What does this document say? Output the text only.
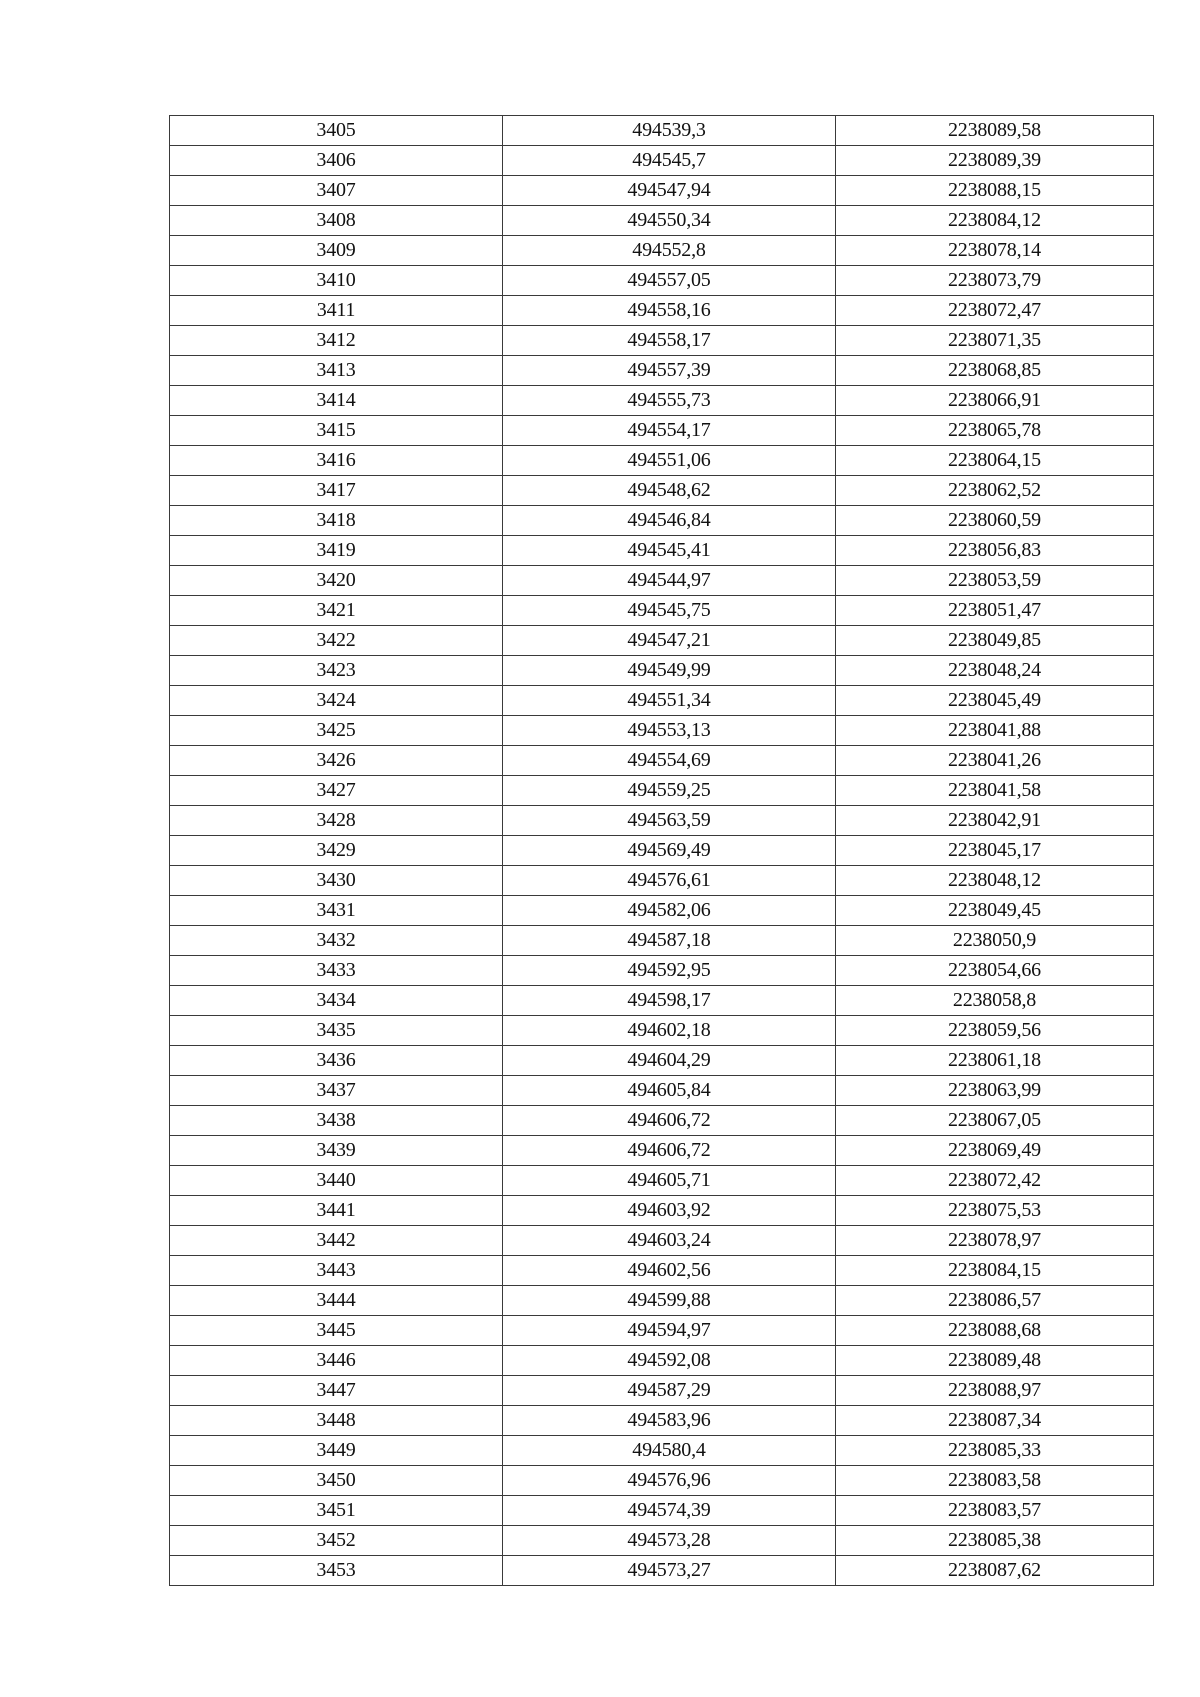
3405	494539,3	2238089,58
3406	494545,7	2238089,39
3407	494547,94	2238088,15
3408	494550,34	2238084,12
3409	494552,8	2238078,14
3410	494557,05	2238073,79
3411	494558,16	2238072,47
3412	494558,17	2238071,35
3413	494557,39	2238068,85
3414	494555,73	2238066,91
3415	494554,17	2238065,78
3416	494551,06	2238064,15
3417	494548,62	2238062,52
3418	494546,84	2238060,59
3419	494545,41	2238056,83
3420	494544,97	2238053,59
3421	494545,75	2238051,47
3422	494547,21	2238049,85
3423	494549,99	2238048,24
3424	494551,34	2238045,49
3425	494553,13	2238041,88
3426	494554,69	2238041,26
3427	494559,25	2238041,58
3428	494563,59	2238042,91
3429	494569,49	2238045,17
3430	494576,61	2238048,12
3431	494582,06	2238049,45
3432	494587,18	2238050,9
3433	494592,95	2238054,66
3434	494598,17	2238058,8
3435	494602,18	2238059,56
3436	494604,29	2238061,18
3437	494605,84	2238063,99
3438	494606,72	2238067,05
3439	494606,72	2238069,49
3440	494605,71	2238072,42
3441	494603,92	2238075,53
3442	494603,24	2238078,97
3443	494602,56	2238084,15
3444	494599,88	2238086,57
3445	494594,97	2238088,68
3446	494592,08	2238089,48
3447	494587,29	2238088,97
3448	494583,96	2238087,34
3449	494580,4	2238085,33
3450	494576,96	2238083,58
3451	494574,39	2238083,57
3452	494573,28	2238085,38
3453	494573,27	2238087,62
